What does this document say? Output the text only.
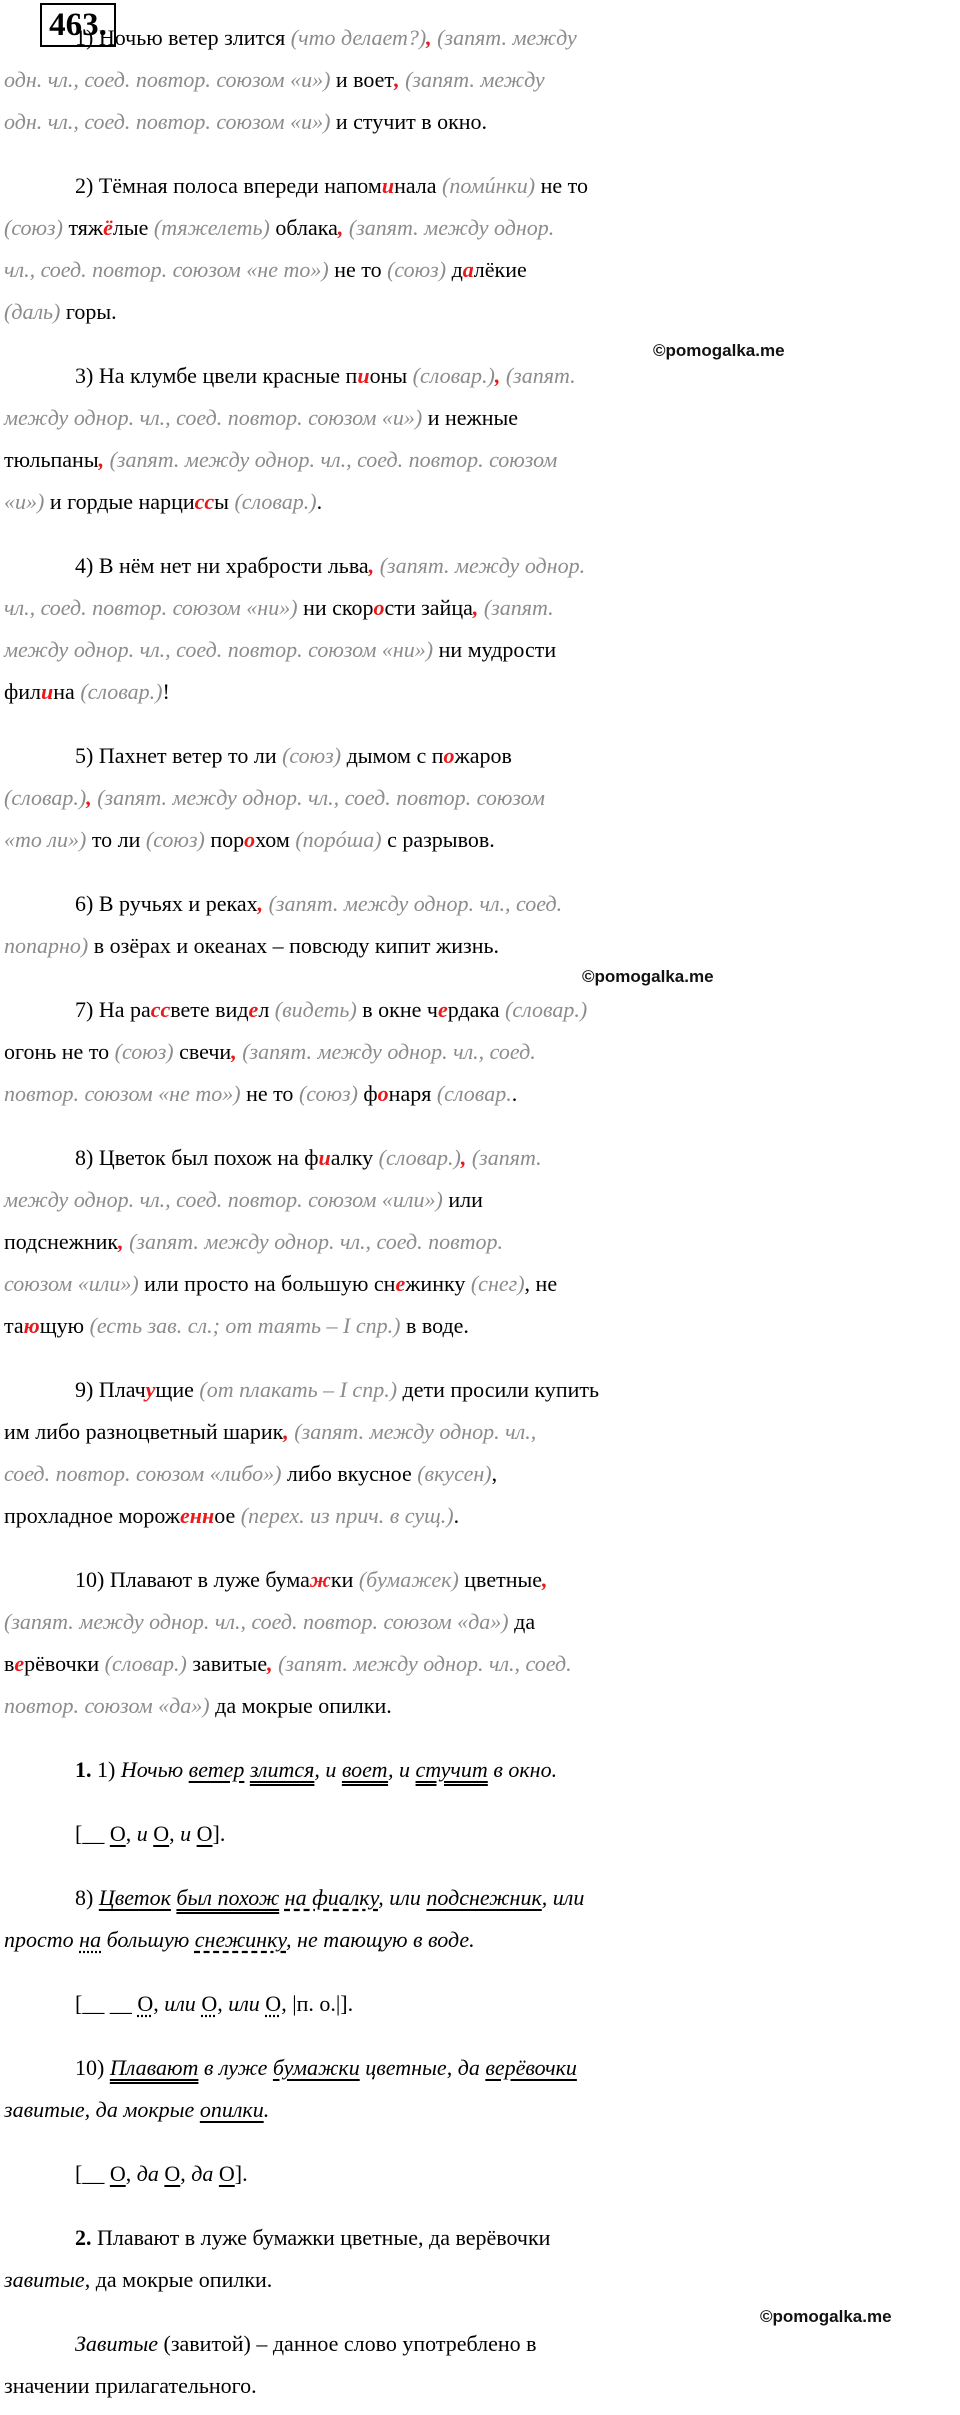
463.
1) Ночью ветер злится (что делает?), (запят. между
одн. чл., соед. повтор. союзом «и») и воет, (запят. между
одн. чл., соед. повтор. союзом «и») и стучит в окно.
2) Тёмная полоса впереди напоминала (помúнки) не то
(союз) тяжёлые (тяжелеть) облака, (запят. между однор.
чл., соед. повтор. союзом «не то») не то (союз) далёкие
(даль) горы.
3) На клумбе цвели красные пионы (словар.), (запят.
между однор. чл., соед. повтор. союзом «и») и нежные
тюльпаны, (запят. между однор. чл., соед. повтор. союзом
«и») и гордые нарциссы (словар.).
4) В нём нет ни храбрости льва, (запят. между однор.
чл., соед. повтор. союзом «ни») ни скорости зайца, (запят.
между однор. чл., соед. повтор. союзом «ни») ни мудрости
филина (словар.)!
5) Пахнет ветер то ли (союз) дымом с пожаров
(словар.), (запят. между однор. чл., соед. повтор. союзом
«то ли») то ли (союз) порохом (порóша) с разрывов.
6) В ручьях и реках, (запят. между однор. чл., соед.
попарно) в озёрах и океанах – повсюду кипит жизнь.
7) На рассвете видел (видеть) в окне чердака (словар.)
огонь не то (союз) свечи, (запят. между однор. чл., соед.
повтор. союзом «не то») не то (союз) фонаря (словар..
8) Цветок был похож на фиалку (словар.), (запят.
между однор. чл., соед. повтор. союзом «или») или
подснежник, (запят. между однор. чл., соед. повтор.
союзом «или») или просто на большую снежинку (снег), не
тающую (есть зав. сл.; от таять – I спр.) в воде.
9) Плачущие (от плакать – I спр.) дети просили купить
им либо разноцветный шарик, (запят. между однор. чл.,
соед. повтор. союзом «либо») либо вкусное (вкусен),
прохладное мороженное (перех. из прич. в сущ.).
10) Плавают в луже бумажки (бумажек) цветные,
(запят. между однор. чл., соед. повтор. союзом «да») да
верёвочки (словар.) завитые, (запят. между однор. чл., соед.
повтор. союзом «да») да мокрые опилки.
1. 1) Ночью ветер злится, и воет, и стучит в окно.
[__ О, и О, и О].
8) Цветок был похож на фиалку, или подснежник, или
просто на большую снежинку, не тающую в воде.
[__ __ О, или О, или О, |п. о.|].
10) Плавают в луже бумажки цветные, да верёвочки
завитые, да мокрые опилки.
[__ О, да О, да О].
2. Плавают в луже бумажки цветные, да верёвочки
завитые, да мокрые опилки.
Завитые (завитой) – данное слово употреблено в
значении прилагательного.
©pomogalka.me
©pomogalka.me
©pomogalka.me
